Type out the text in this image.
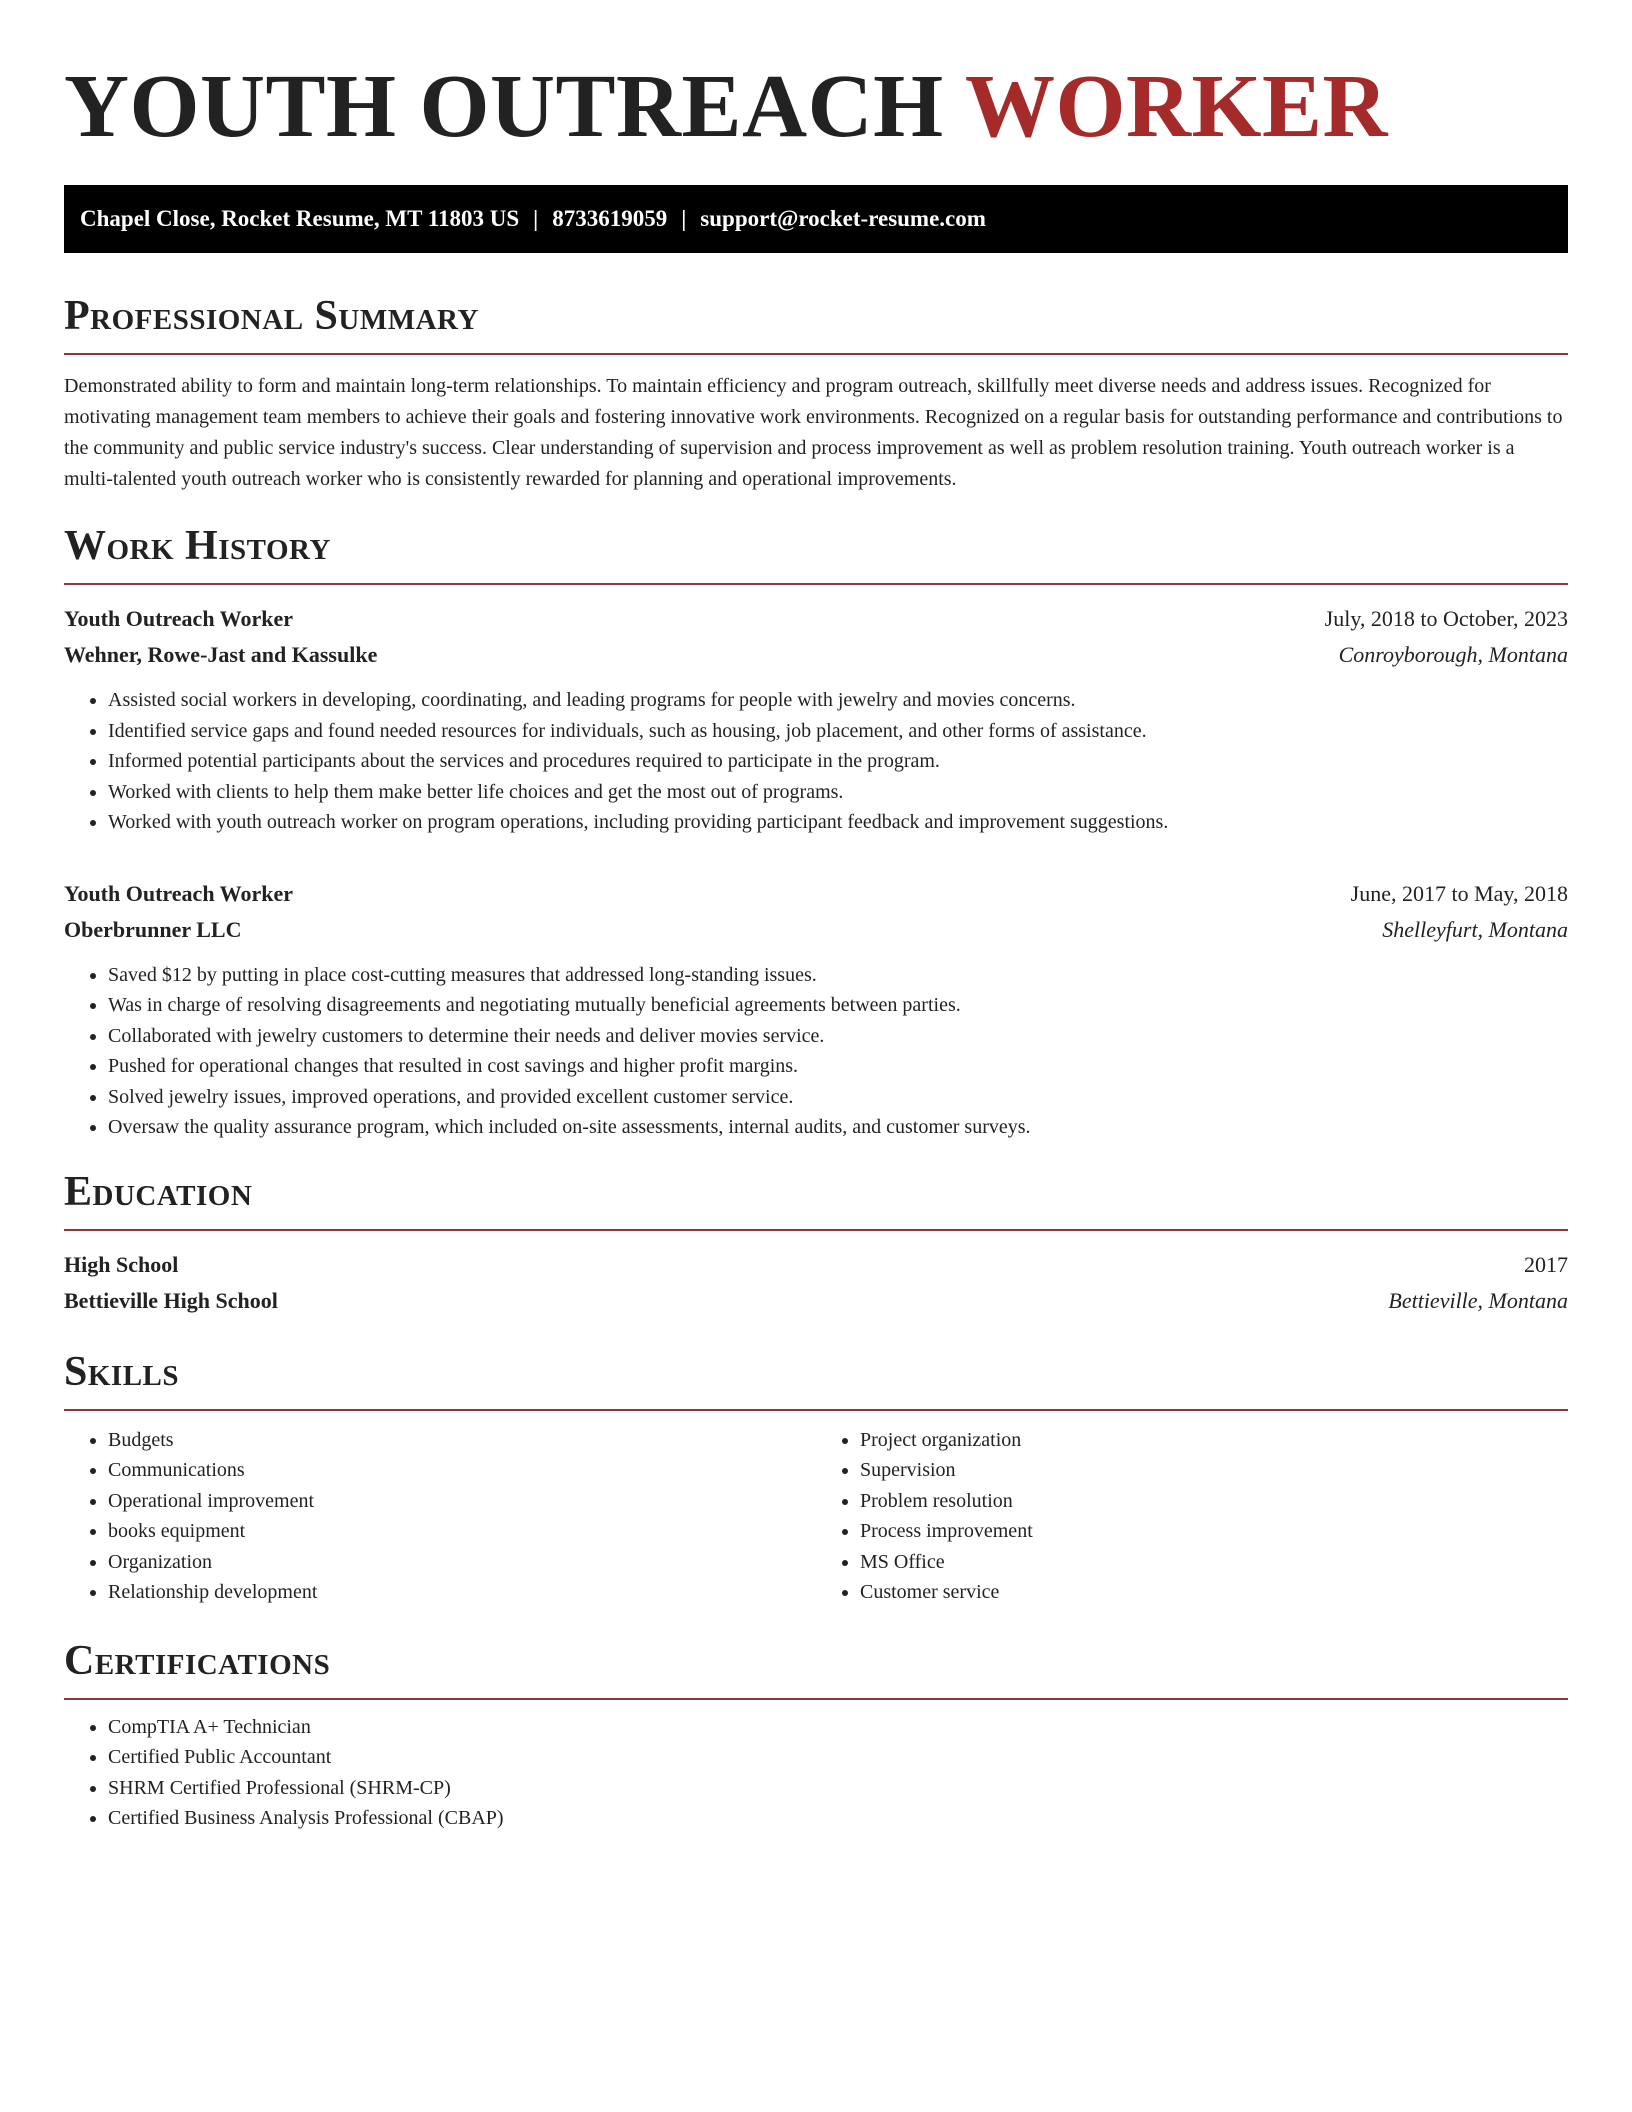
YOUTH OUTREACH WORKER
Chapel Close, Rocket Resume, MT 11803 US | 8733619059 | support@rocket-resume.com
Professional Summary

Demonstrated ability to form and maintain long-term relationships. To maintain efficiency and program outreach, skillfully meet diverse needs and address issues. Recognized for motivating management team members to achieve their goals and fostering innovative work environments. Recognized on a regular basis for outstanding performance and contributions to the community and public service industry's success. Clear understanding of supervision and process improvement as well as problem resolution training. Youth outreach worker is a multi-talented youth outreach worker who is consistently rewarded for planning and operational improvements.

Work History
Youth Outreach Worker	July, 2018 to October, 2023
Wehner, Rowe-Jast and Kassulke	Conroyborough, Montana
• Assisted social workers in developing, coordinating, and leading programs for people with jewelry and movies concerns.
• Identified service gaps and found needed resources for individuals, such as housing, job placement, and other forms of assistance.
• Informed potential participants about the services and procedures required to participate in the program.
• Worked with clients to help them make better life choices and get the most out of programs.
• Worked with youth outreach worker on program operations, including providing participant feedback and improvement suggestions.
Youth Outreach Worker	June, 2017 to May, 2018
Oberbrunner LLC	Shelleyfurt, Montana
• Saved $12 by putting in place cost-cutting measures that addressed long-standing issues.
• Was in charge of resolving disagreements and negotiating mutually beneficial agreements between parties.
• Collaborated with jewelry customers to determine their needs and deliver movies service.
• Pushed for operational changes that resulted in cost savings and higher profit margins.
• Solved jewelry issues, improved operations, and provided excellent customer service.
• Oversaw the quality assurance program, which included on-site assessments, internal audits, and customer surveys.
Education
High School	2017
Bettieville High School	Bettieville, Montana
Skills
• Budgets
• Communications
• Operational improvement
• books equipment
• Organization
• Relationship development
• Project organization
• Supervision
• Problem resolution
• Process improvement
• MS Office
• Customer service
Certifications
• CompTIA A+ Technician
• Certified Public Accountant
• SHRM Certified Professional (SHRM-CP)
• Certified Business Analysis Professional (CBAP)
